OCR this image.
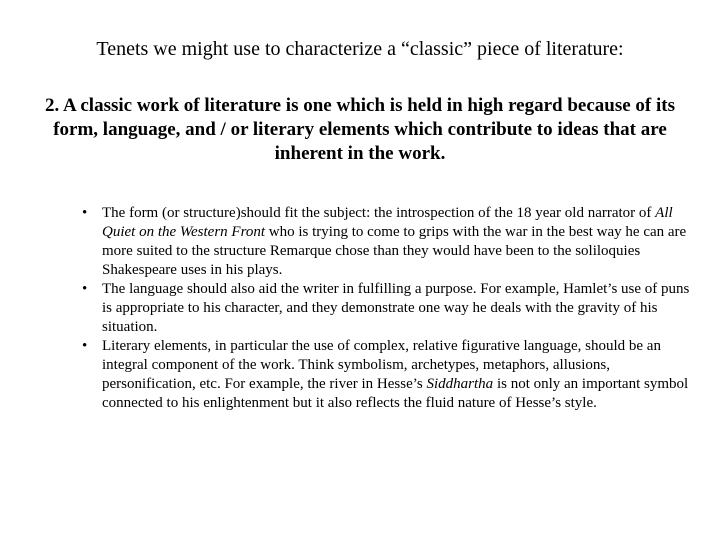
Tenets we might use to characterize a “classic” piece of literature:
2. A classic work of literature is one which is held in high regard because of its form, language, and / or literary elements which contribute to ideas that are inherent in the work.
• The form (or structure)should fit the subject: the introspection of the 18 year old narrator of All Quiet on the Western Front who is trying to come to grips with the war in the best way he can are more suited to the structure Remarque chose than they would have been to the soliloquies Shakespeare uses in his plays.
• The language should also aid the writer in fulfilling a purpose. For example, Hamlet’s use of puns is appropriate to his character, and they demonstrate one way he deals with the gravity of his situation.
• Literary elements, in particular the use of complex, relative figurative language, should be an integral component of the work. Think symbolism, archetypes, metaphors, allusions, personification, etc. For example, the river in Hesse’s Siddhartha is not only an important symbol connected to his enlightenment but it also reflects the fluid nature of Hesse’s style.
